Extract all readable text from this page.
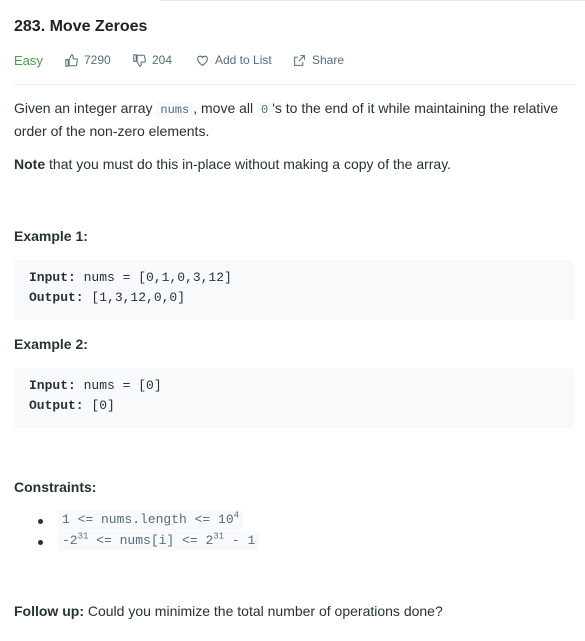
283. Move Zeroes
Easy	7290	204	Add to List	Share
Given an integer array nums , move all 0 's to the end of it while maintaining the relative order of the non-zero elements.
Note that you must do this in-place without making a copy of the array.
Example 1:
Input: nums = [0,1,0,3,12]
Output: [1,3,12,0,0]
Example 2:
Input: nums = [0]
Output: [0]
Constraints:
1 <= nums.length <= $10^4$
$-2^{31}$ <= nums[i] <= $2^{31} - 1$
Follow up: Could you minimize the total number of operations done?
